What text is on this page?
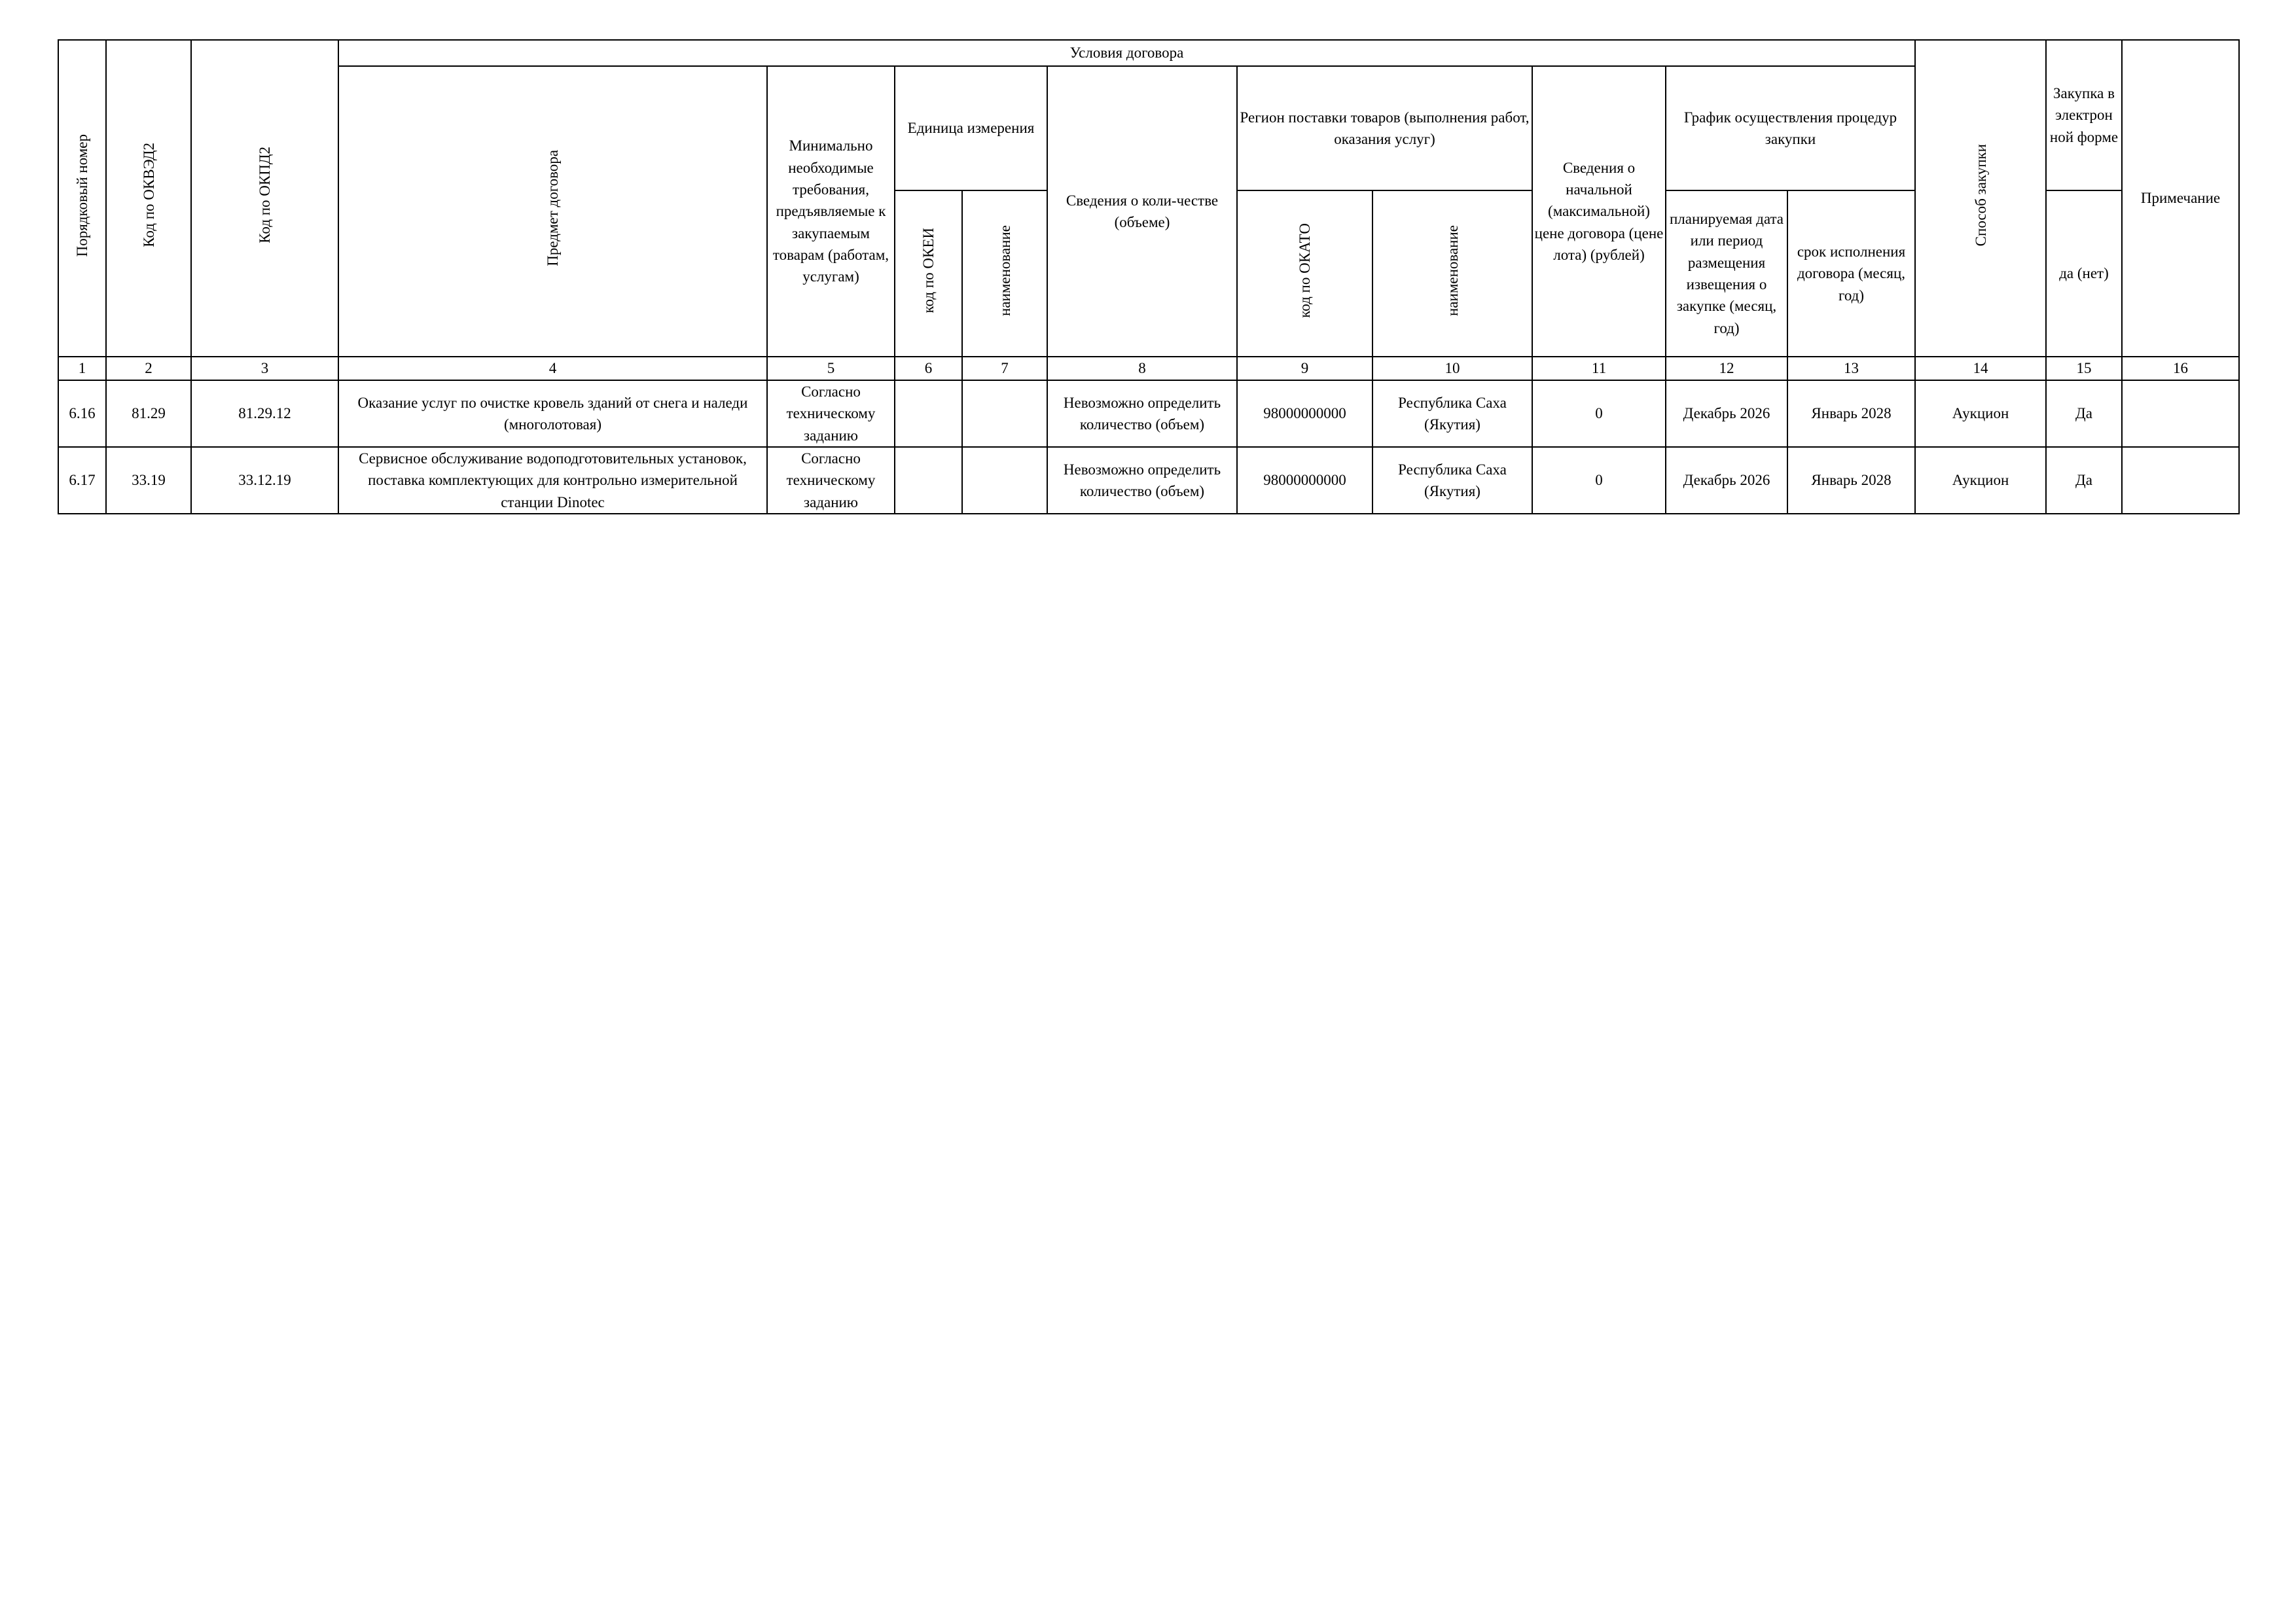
Порядковый номер	Код по ОКВЭД2	Код по ОКПД2	Условия договора										Способ закупки	Закупка в электрон ной форме	Примечание
			Предмет договора	Минимально необходимые требования, предъявляемые к закупаемым товарам (работам, услугам)	Единица измерения		Сведения о коли-честве (объеме)	Регион поставки товаров (выполнения работ, оказания услуг)		Сведения о начальной (максимальной) цене договора (цене лота) (рублей)	График осуществления процедур закупки				
					код по ОКЕИ	наименование		код по ОКАТО	наименование		планируемая дата или период размещения извещения о закупке (месяц, год)	срок исполнения договора (месяц, год)		да (нет)	
1	2	3	4	5	6	7	8	9	10	11	12	13	14	15	16
6.16	81.29	81.29.12	Оказание услуг по очистке кровель зданий от снега и наледи (многолотовая)	Согласно техническому заданию			Невозможно определить количество (объем)	98000000000	Республика Саха (Якутия)	0	Декабрь 2026	Январь 2028	Аукцион	Да	
6.17	33.19	33.12.19	Сервисное обслуживание водоподготовительных установок, поставка комплектующих для контрольно измерительной станции Dinotec	Согласно техническому заданию			Невозможно определить количество (объем)	98000000000	Республика Саха (Якутия)	0	Декабрь 2026	Январь 2028	Аукцион	Да	
